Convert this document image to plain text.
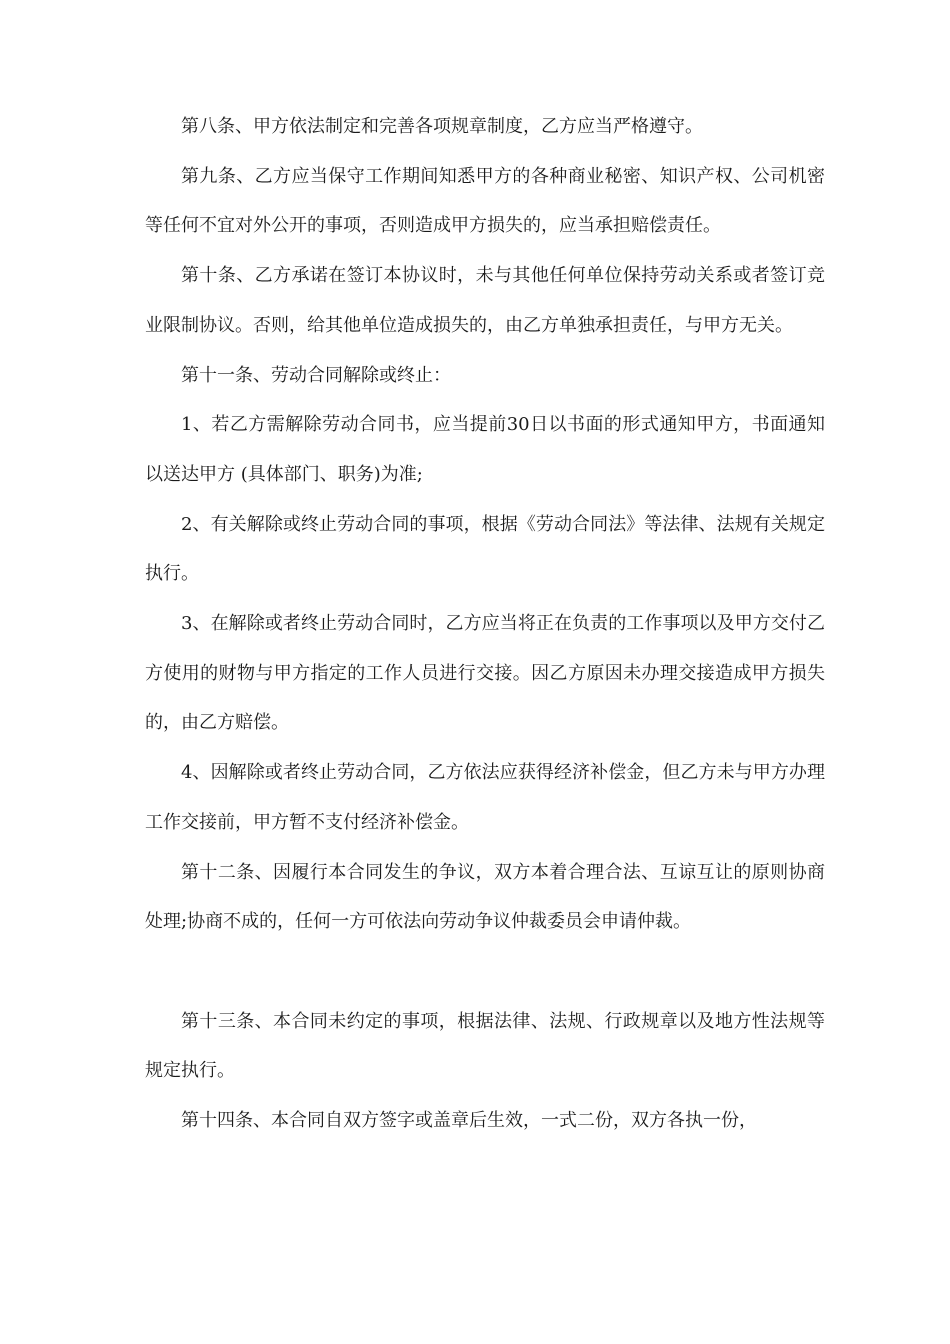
第八条、甲方依法制定和完善各项规章制度，乙方应当严格遵守。

第九条、乙方应当保守工作期间知悉甲方的各种商业秘密、知识产权、公司机密等任何不宜对外公开的事项，否则造成甲方损失的，应当承担赔偿责任。

第十条、乙方承诺在签订本协议时，未与其他任何单位保持劳动关系或者签订竞业限制协议。否则，给其他单位造成损失的，由乙方单独承担责任，与甲方无关。

第十一条、劳动合同解除或终止：

1、若乙方需解除劳动合同书，应当提前30日以书面的形式通知甲方，书面通知以送达甲方 (具体部门、职务)为准;

2、有关解除或终止劳动合同的事项，根据《劳动合同法》等法律、法规有关规定执行。

3、在解除或者终止劳动合同时，乙方应当将正在负责的工作事项以及甲方交付乙方使用的财物与甲方指定的工作人员进行交接。因乙方原因未办理交接造成甲方损失的，由乙方赔偿。

4、因解除或者终止劳动合同，乙方依法应获得经济补偿金，但乙方未与甲方办理工作交接前，甲方暂不支付经济补偿金。

第十二条、因履行本合同发生的争议，双方本着合理合法、互谅互让的原则协商处理;协商不成的，任何一方可依法向劳动争议仲裁委员会申请仲裁。

第十三条、本合同未约定的事项，根据法律、法规、行政规章以及地方性法规等规定执行。

第十四条、本合同自双方签字或盖章后生效，一式二份，双方各执一份，
